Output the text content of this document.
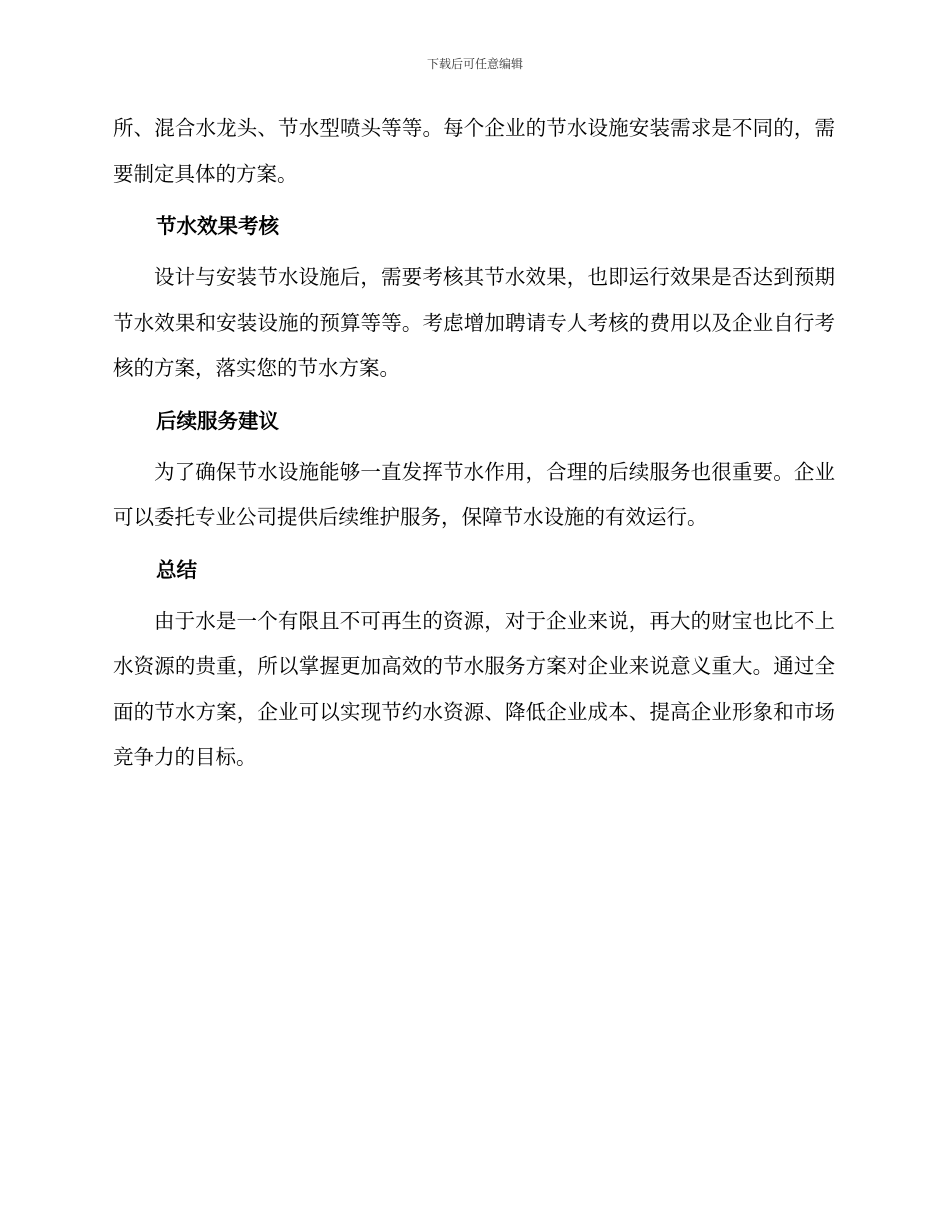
下载后可任意编辑

所、混合水龙头、节水型喷头等等。每个企业的节水设施安装需求是不同的，需要制定具体的方案。

节水效果考核

设计与安装节水设施后，需要考核其节水效果，也即运行效果是否达到预期节水效果和安装设施的预算等等。考虑增加聘请专人考核的费用以及企业自行考核的方案，落实您的节水方案。

后续服务建议

为了确保节水设施能够一直发挥节水作用，合理的后续服务也很重要。企业可以委托专业公司提供后续维护服务，保障节水设施的有效运行。

总结

由于水是一个有限且不可再生的资源，对于企业来说，再大的财宝也比不上水资源的贵重，所以掌握更加高效的节水服务方案对企业来说意义重大。通过全面的节水方案，企业可以实现节约水资源、降低企业成本、提高企业形象和市场竞争力的目标。
